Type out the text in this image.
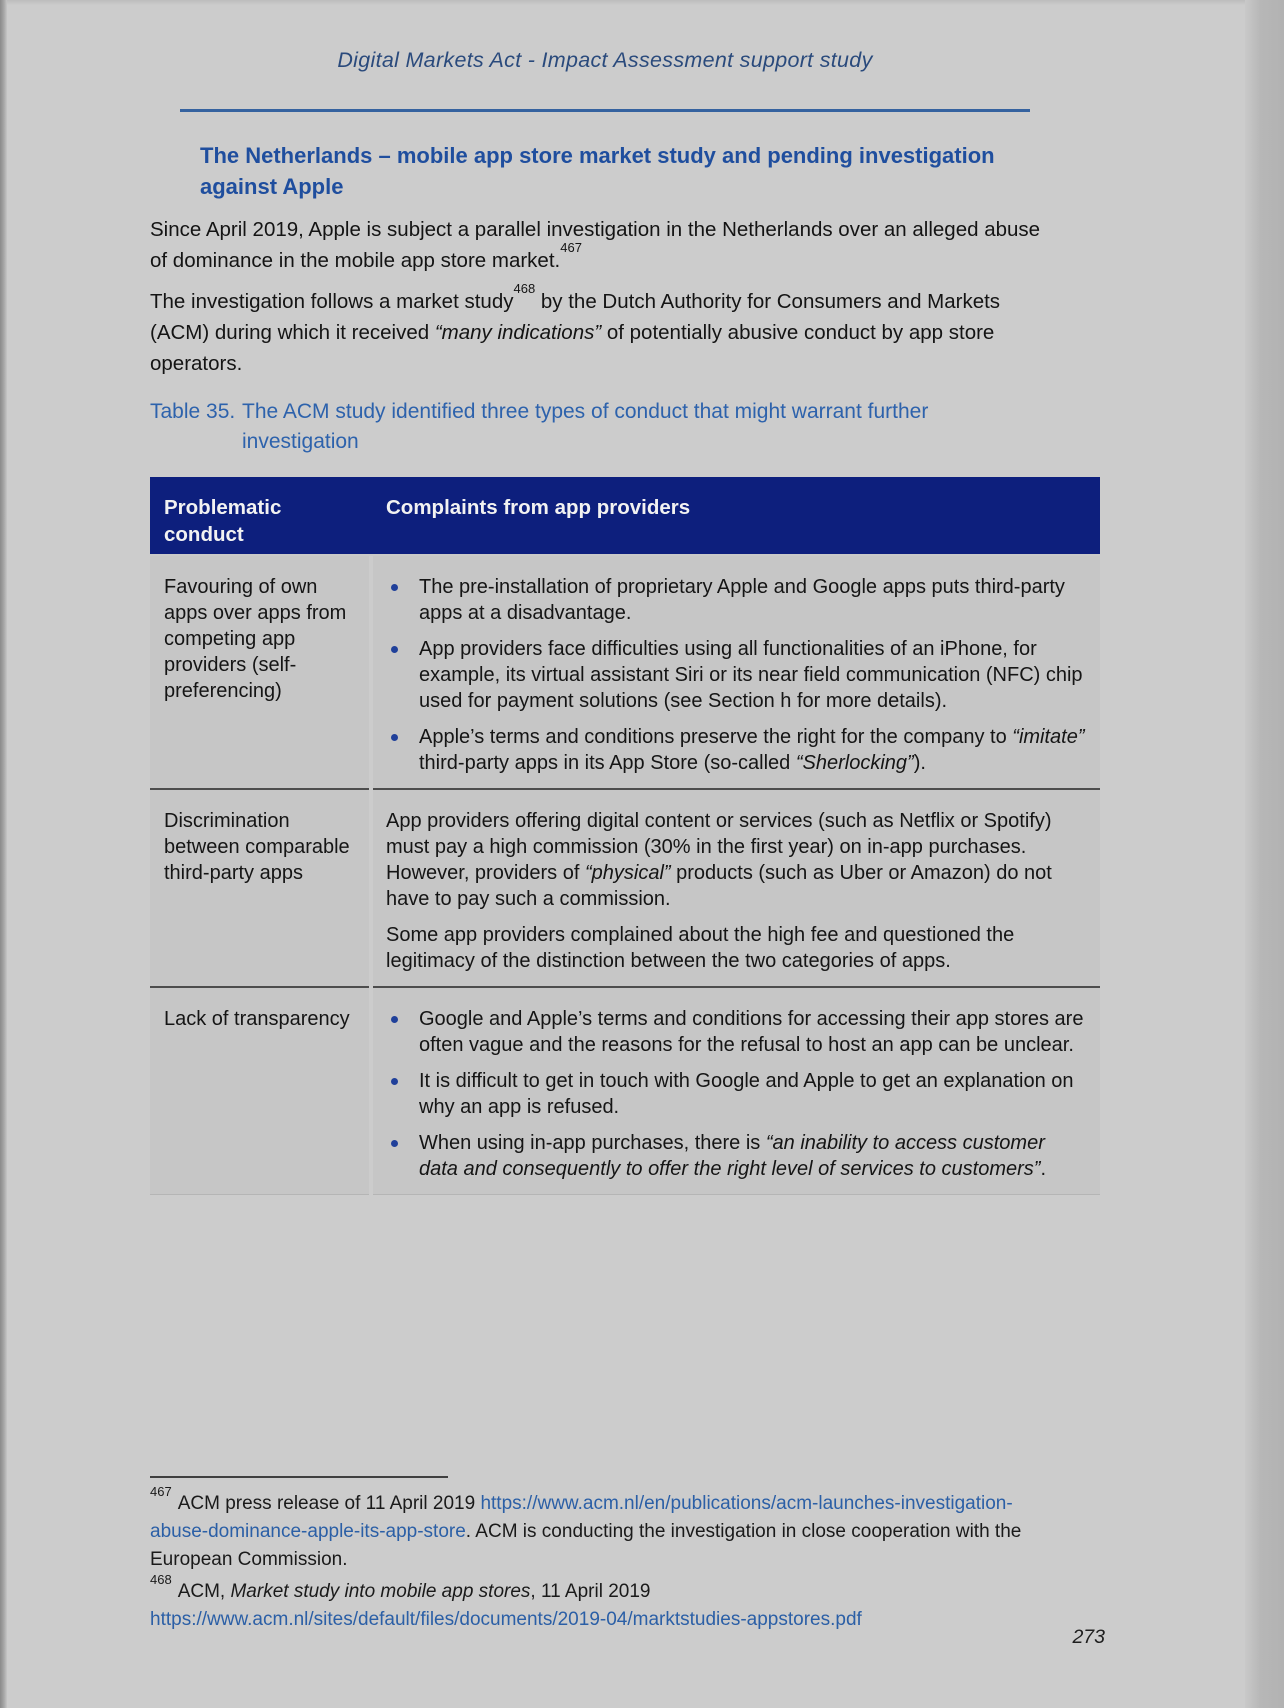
Digital Markets Act - Impact Assessment support study
The Netherlands – mobile app store market study and pending investigation against Apple

Since April 2019, Apple is subject a parallel investigation in the Netherlands over an alleged abuse of dominance in the mobile app store market.$^{467}$

The investigation follows a market study$^{468}$ by the Dutch Authority for Consumers and Markets (ACM) during which it received “many indications” of potentially abusive conduct by app store operators.

Table 35. The ACM study identified three types of conduct that might warrant further investigation
Problematic conduct
Complaints from app providers
Favouring of own apps over apps from competing app providers (self-preferencing)
The pre-installation of proprietary Apple and Google apps puts third-party apps at a disadvantage.
App providers face difficulties using all functionalities of an iPhone, for example, its virtual assistant Siri or its near field communication (NFC) chip used for payment solutions (see Section h for more details).
Apple’s terms and conditions preserve the right for the company to “imitate” third-party apps in its App Store (so-called “Sherlocking”).
Discrimination between comparable third-party apps

App providers offering digital content or services (such as Netflix or Spotify) must pay a high commission (30% in the first year) on in-app purchases. However, providers of “physical” products (such as Uber or Amazon) do not have to pay such a commission.

Some app providers complained about the high fee and questioned the legitimacy of the distinction between the two categories of apps.

Lack of transparency	Google and Apple’s terms and conditions for accessing their app stores are often vague and the reasons for the refusal to host an app can be unclear.
It is difficult to get in touch with Google and Apple to get an explanation on why an app is refused.
When using in-app purchases, there is “an inability to access customer data and consequently to offer the right level of services to customers”.
$^{467}$ACM press release of 11 April 2019 https://www.acm.nl/en/publications/acm-launches-investigation-abuse-dominance-apple-its-app-store. ACM is conducting the investigation in close cooperation with the European Commission.
$^{468}$ACM, Market study into mobile app stores, 11 April 2019 https://www.acm.nl/sites/default/files/documents/2019-04/marktstudies-appstores.pdf
273
